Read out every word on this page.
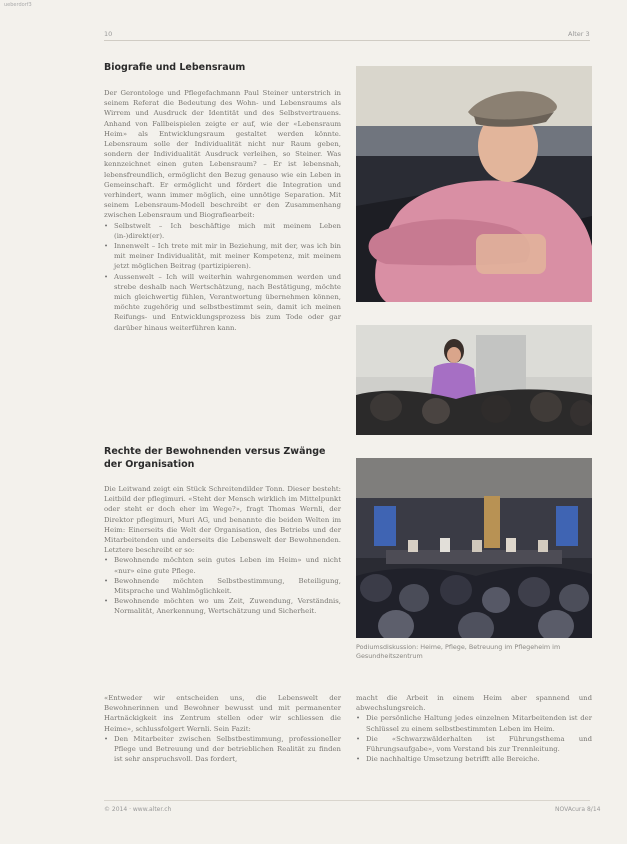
ueberdorf3
10	Alter 3
Biografie und Lebensraum

Der Gerontologe und Pflegefachmann Paul Steiner unterstrich in seinem Referat die Bedeutung des Wohn- und Lebensraums als Wirrem und Ausdruck der Identität und des Selbstvertrauens. Anhand von Fallbeispielen zeigte er auf, wie der «Lebensraum Heim» als Entwicklungsraum gestaltet werden könnte. Lebensraum solle der Individualität nicht nur Raum geben, sondern der Individualität Ausdruck verleihen, so Steiner. Was kennzeichnet einen guten Lebensraum? – Er ist lebensnah, lebensfreundlich, ermöglicht den Bezug genauso wie ein Leben in Gemeinschaft. Er ermöglicht und fördert die Integration und verhindert, wann immer möglich, eine unnötige Separation. Mit seinem Lebensraum-Modell beschreibt er den Zusammenhang zwischen Lebensraum und Biografiearbeit:

• Selbstwelt – Ich beschäftige mich mit meinem Leben (in-)direkt(er).
• Innenwelt – Ich trete mit mir in Beziehung, mit der, was ich bin mit meiner Individualität, mit meiner Kompetenz, mit meinem jetzt möglichen Beitrag (partizipieren).
• Aussenwelt – Ich will weiterhin wahrgenommen werden und strebe deshalb nach Wertschätzung, nach Bestätigung, möchte mich gleichwertig fühlen, Verantwortung übernehmen können, möchte zugehörig und selbstbestimmt sein, damit ich meinen Reifungs- und Entwicklungsprozess bis zum Tode oder gar darüber hinaus weiterführen kann.
Rechte der Bewohnenden versus Zwänge der Organisation

Die Leitwand zeigt ein Stück Schreitendilder Tonn. Dieser besteht: Leitbild der pflegimuri. «Steht der Mensch wirklich im Mittelpunkt oder steht er doch eher im Wege?», fragt Thomas Wernli, der Direktor pflegimuri, Muri AG, und benannte die beiden Welten im Heim: Einerseits die Welt der Organisation, des Betriebs und der Mitarbeitenden und anderseits die Lebenswelt der Bewohnenden. Letztere beschreibt er so:

• Bewohnende möchten sein gutes Leben im Heim» und nicht «nur» eine gute Pflege.
• Bewohnende möchten Selbstbestimmung, Beteiligung, Mitsprache und Wahlmöglichkeit.
• Bewohnende möchten wo um Zeit, Zuwendung, Verständnis, Normalität, Anerkennung, Wertschätzung und Sicherheit.

«Entweder wir entscheiden uns, die Lebenswelt der Bewohnerinnen und Bewohner bewusst und mit permanenter Hartnäckigkeit ins Zentrum stellen oder wir schliessen die Heime», schlussfolgert Wernli. Sein Fazit:

• Den Mitarbeiter zwischen Selbstbestimmung, professioneller Pflege und Betreuung und der betrieblichen Realität zu finden ist sehr anspruchsvoll. Das fordert,

macht die Arbeit in einem Heim aber spannend und abwechslungsreich.

• Die persönliche Haltung jedes einzelnen Mitarbeitenden ist der Schlüssel zu einem selbstbestimmten Leben im Heim.
• Die «Schwarzwälderhalten ist Führungsthema und Führungsaufgabe», vom Verstand bis zur Trennleitung.
• Die nachhaltige Umsetzung betrifft alle Bereiche.
Podiumsdiskussion: Heime, Pflege, Betreuung im Pflegeheim im Gesundheitszentrum
© 2014 · www.alter.ch	NOVAcura 8/14
